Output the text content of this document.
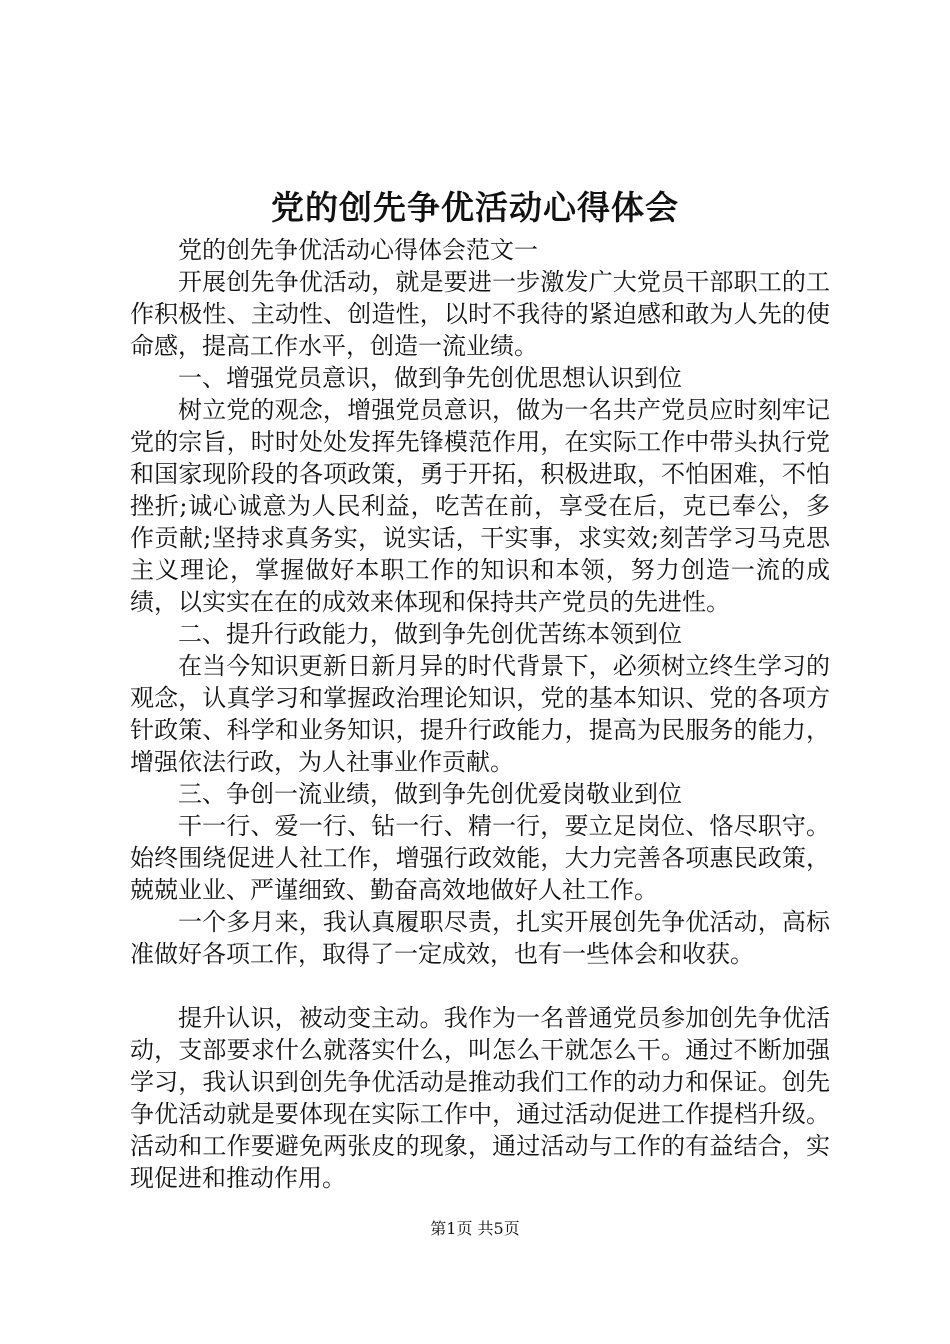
党的创先争优活动心得体会

党的创先争优活动心得体会范文一

开展创先争优活动，就是要进一步激发广大党员干部职工的工作积极性、主动性、创造性，以时不我待的紧迫感和敢为人先的使命感，提高工作水平，创造一流业绩。

一、增强党员意识，做到争先创优思想认识到位

树立党的观念，增强党员意识，做为一名共产党员应时刻牢记党的宗旨，时时处处发挥先锋模范作用，在实际工作中带头执行党和国家现阶段的各项政策，勇于开拓，积极进取，不怕困难，不怕挫折;诚心诚意为人民利益，吃苦在前，享受在后，克已奉公，多作贡献;坚持求真务实，说实话，干实事，求实效;刻苦学习马克思主义理论，掌握做好本职工作的知识和本领，努力创造一流的成绩，以实实在在的成效来体现和保持共产党员的先进性。

二、提升行政能力，做到争先创优苦练本领到位

在当今知识更新日新月异的时代背景下，必须树立终生学习的观念，认真学习和掌握政治理论知识，党的基本知识、党的各项方针政策、科学和业务知识，提升行政能力，提高为民服务的能力，增强依法行政，为人社事业作贡献。

三、争创一流业绩，做到争先创优爱岗敬业到位

干一行、爱一行、钻一行、精一行，要立足岗位、恪尽职守。始终围绕促进人社工作，增强行政效能，大力完善各项惠民政策，兢兢业业、严谨细致、勤奋高效地做好人社工作。

一个多月来，我认真履职尽责，扎实开展创先争优活动，高标准做好各项工作，取得了一定成效，也有一些体会和收获。

提升认识，被动变主动。我作为一名普通党员参加创先争优活动，支部要求什么就落实什么，叫怎么干就怎么干。通过不断加强学习，我认识到创先争优活动是推动我们工作的动力和保证。创先争优活动就是要体现在实际工作中，通过活动促进工作提档升级。活动和工作要避免两张皮的现象，通过活动与工作的有益结合，实现促进和推动作用。

第1页 共5页
